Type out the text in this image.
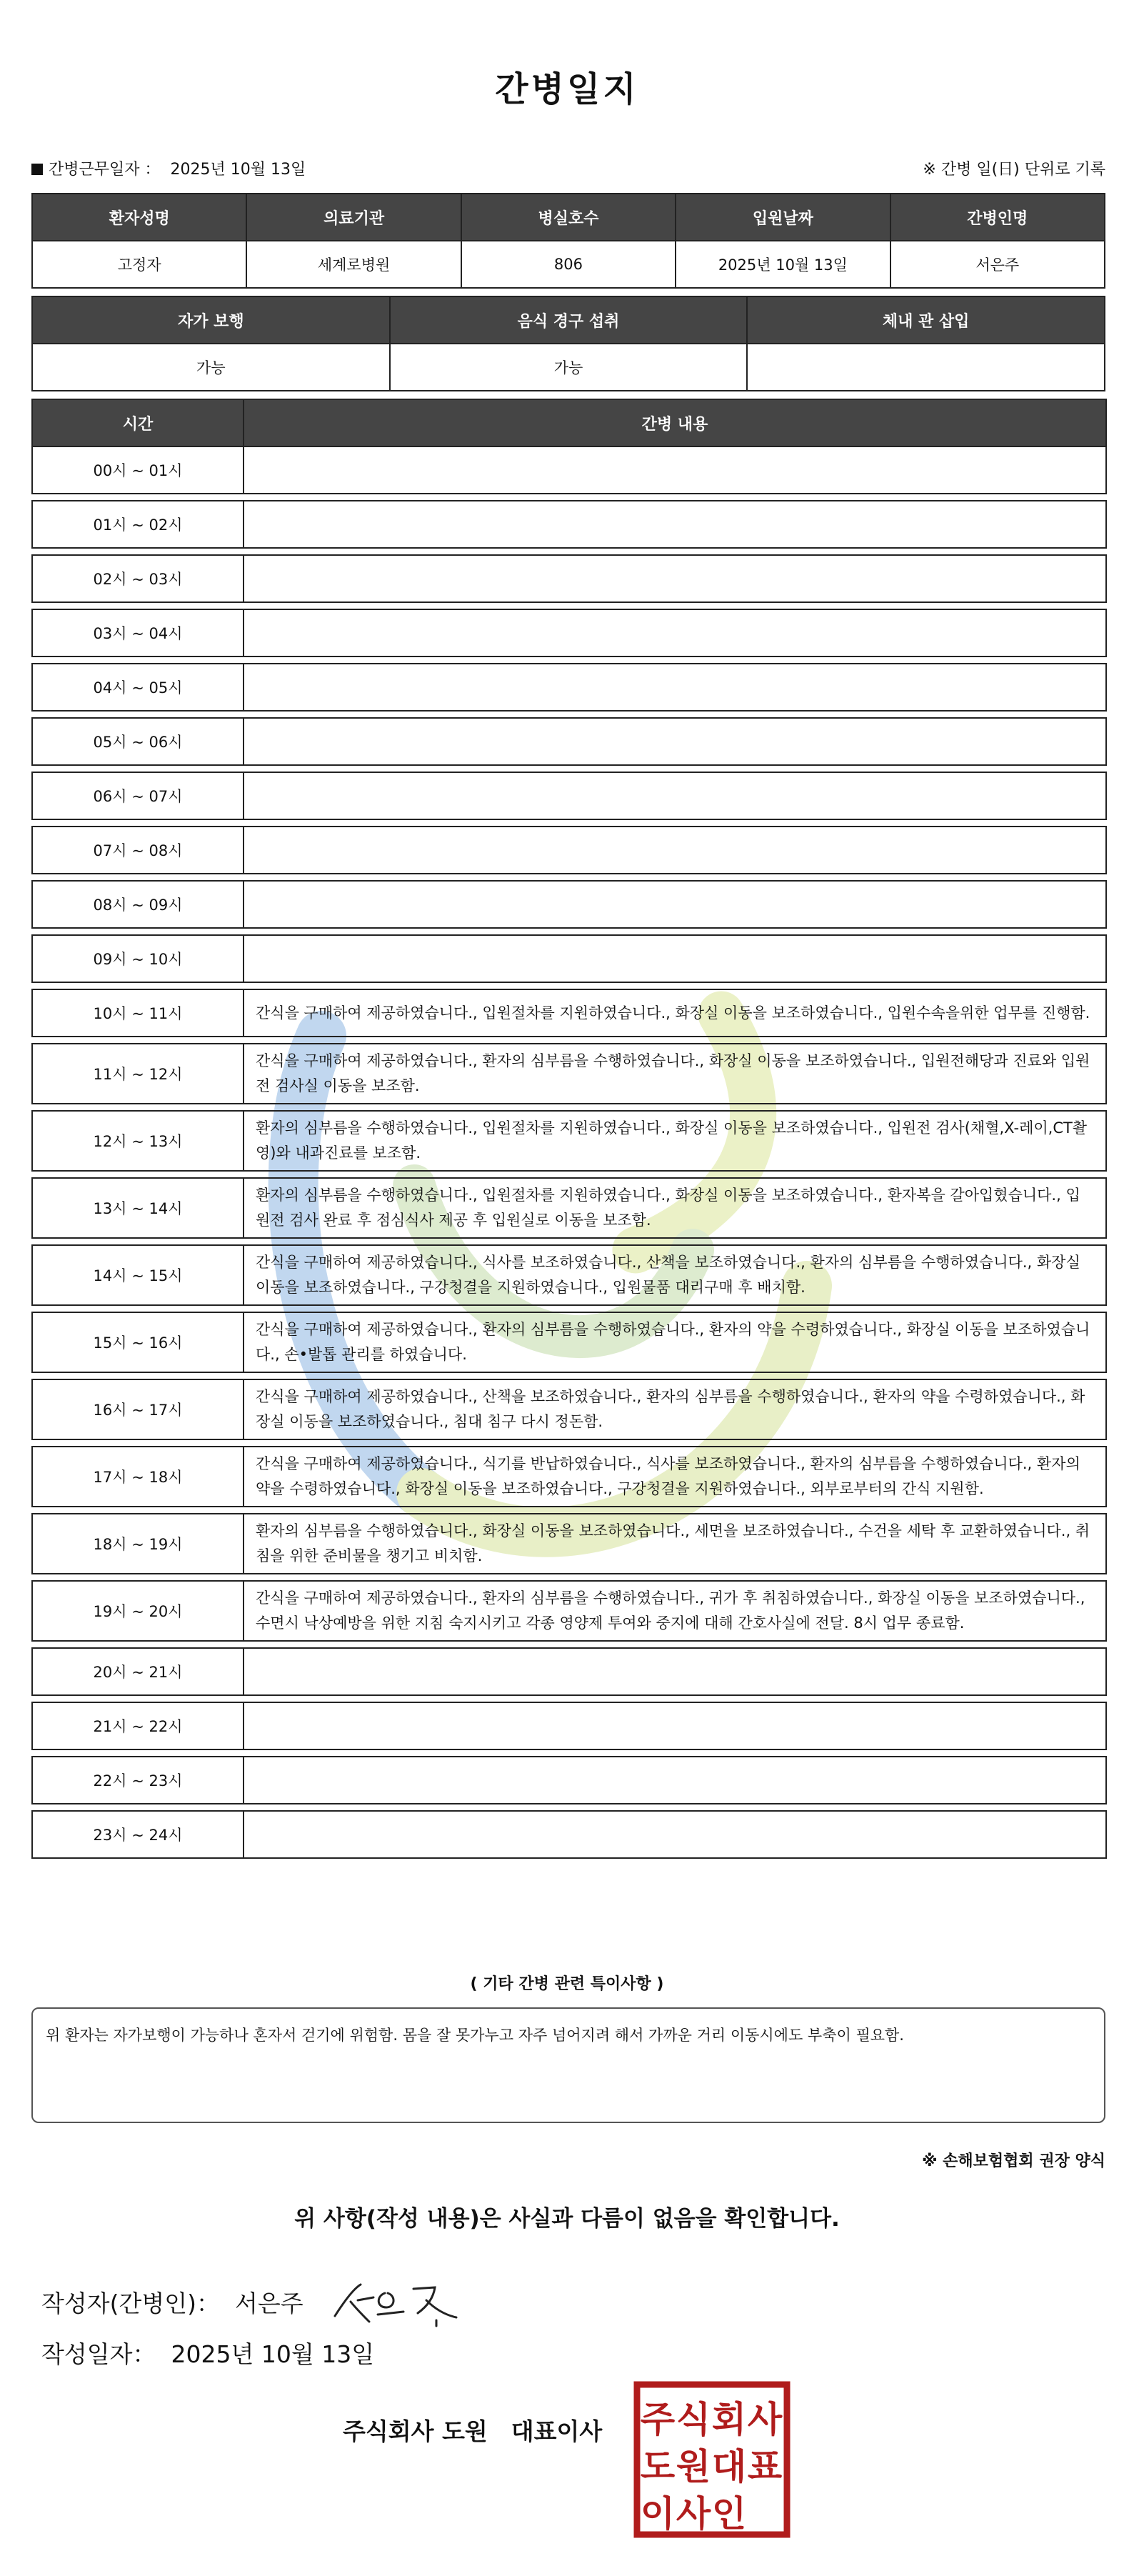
간병일지
간병근무일자 ： 2025년 10월 13일	※ 간병 일(日) 단위로 기록
환자성명	의료기관	병실호수	입원날짜	간병인명
고정자	세계로병원	806	2025년 10월 13일	서은주
자가 보행	음식 경구 섭취	체내 관 삽입
가능	가능	
시간	간병 내용
00시 ~ 01시	

01시 ~ 02시	

02시 ~ 03시	

03시 ~ 04시	

04시 ~ 05시	

05시 ~ 06시	

06시 ~ 07시	

07시 ~ 08시	

08시 ~ 09시	

09시 ~ 10시	

10시 ~ 11시	간식을 구매하여 제공하였습니다., 입원절차를 지원하였습니다., 화장실 이동을 보조하였습니다., 입원수속을위한 업무를 진행함.

11시 ~ 12시	간식을 구매하여 제공하였습니다., 환자의 심부름을 수행하였습니다., 화장실 이동을 보조하였습니다., 입원전해당과 진료와 입원전 검사실 이동을 보조함.

12시 ~ 13시	환자의 심부름을 수행하였습니다., 입원절차를 지원하였습니다., 화장실 이동을 보조하였습니다., 입원전 검사(채혈,X-레이,CT촬영)와 내과진료를 보조함.

13시 ~ 14시	환자의 심부름을 수행하였습니다., 입원절차를 지원하였습니다., 화장실 이동을 보조하였습니다., 환자복을 갈아입혔습니다., 입원전 검사 완료 후 점심식사 제공 후 입원실로 이동을 보조함.

14시 ~ 15시	간식을 구매하여 제공하였습니다., 식사를 보조하였습니다., 산책을 보조하였습니다., 환자의 심부름을 수행하였습니다., 화장실 이동을 보조하였습니다., 구강청결을 지원하였습니다., 입원물품 대리구매 후 배치함.

15시 ~ 16시	간식을 구매하여 제공하였습니다., 환자의 심부름을 수행하였습니다., 환자의 약을 수령하였습니다., 화장실 이동을 보조하였습니다., 손•발톱 관리를 하였습니다.

16시 ~ 17시	간식을 구매하여 제공하였습니다., 산책을 보조하였습니다., 환자의 심부름을 수행하였습니다., 환자의 약을 수령하였습니다., 화장실 이동을 보조하였습니다., 침대 침구 다시 정돈함.

17시 ~ 18시	간식을 구매하여 제공하였습니다., 식기를 반납하였습니다., 식사를 보조하였습니다., 환자의 심부름을 수행하였습니다., 환자의 약을 수령하였습니다., 화장실 이동을 보조하였습니다., 구강청결을 지원하였습니다., 외부로부터의 간식 지원함.

18시 ~ 19시	환자의 심부름을 수행하였습니다., 화장실 이동을 보조하였습니다., 세면을 보조하였습니다., 수건을 세탁 후 교환하였습니다., 취침을 위한 준비물을 챙기고 비치함.

19시 ~ 20시	간식을 구매하여 제공하였습니다., 환자의 심부름을 수행하였습니다., 귀가 후 취침하였습니다., 화장실 이동을 보조하였습니다., 수면시 낙상예방을 위한 지침 숙지시키고 각종 영양제 투여와 중지에 대해 간호사실에 전달. 8시 업무 종료함.

20시 ~ 21시	

21시 ~ 22시	

22시 ~ 23시	

23시 ~ 24시	
( 기타 간병 관련 특이사항 )
위 환자는 자가보행이 가능하나 혼자서 걷기에 위험함. 몸을 잘 못가누고 자주 넘어지려 해서 가까운 거리 이동시에도 부축이 필요함.
※ 손해보험협회 권장 양식
위 사항(작성 내용)은 사실과 다름이 없음을 확인합니다.
작성자(간병인)： 서은주
작성일자： 2025년 10월 13일
주식회사 도원　대표이사 주 식 회 사
도 원 대 표
이 사 인
